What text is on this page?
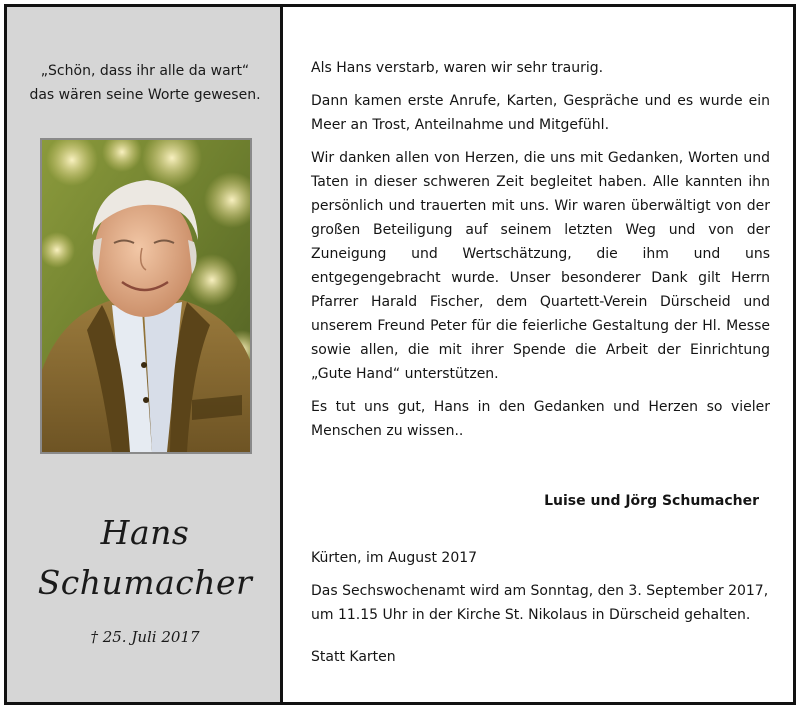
„Schön, dass ihr alle da wart“
das wären seine Worte gewesen.
Hans
Schumacher
† 25. Juli 2017

Als Hans verstarb, waren wir sehr traurig.

Dann kamen erste Anrufe, Karten, Gespräche und es wurde ein Meer an Trost, Anteilnahme und Mitgefühl.

Wir danken allen von Herzen, die uns mit Gedanken, Worten und Taten in dieser schweren Zeit begleitet haben. Alle kannten ihn persönlich und trauerten mit uns. Wir waren überwältigt von der großen Beteiligung auf seinem letzten Weg und von der Zuneigung und Wertschätzung, die ihm und uns entgegengebracht wurde. Unser besonderer Dank gilt Herrn Pfarrer Harald Fischer, dem Quartett-Verein Dürscheid und unserem Freund Peter für die feierliche Gestaltung der Hl. Messe sowie allen, die mit ihrer Spende die Arbeit der Einrichtung „Gute Hand“ unterstützen.

Es tut uns gut, Hans in den Gedanken und Herzen so vieler Menschen zu wissen..

Luise und Jörg Schumacher
Kürten, im August 2017
Das Sechswochenamt wird am Sonntag, den 3. September 2017, um 11.15 Uhr in der Kirche St. Nikolaus in Dürscheid gehalten.
Statt Karten
